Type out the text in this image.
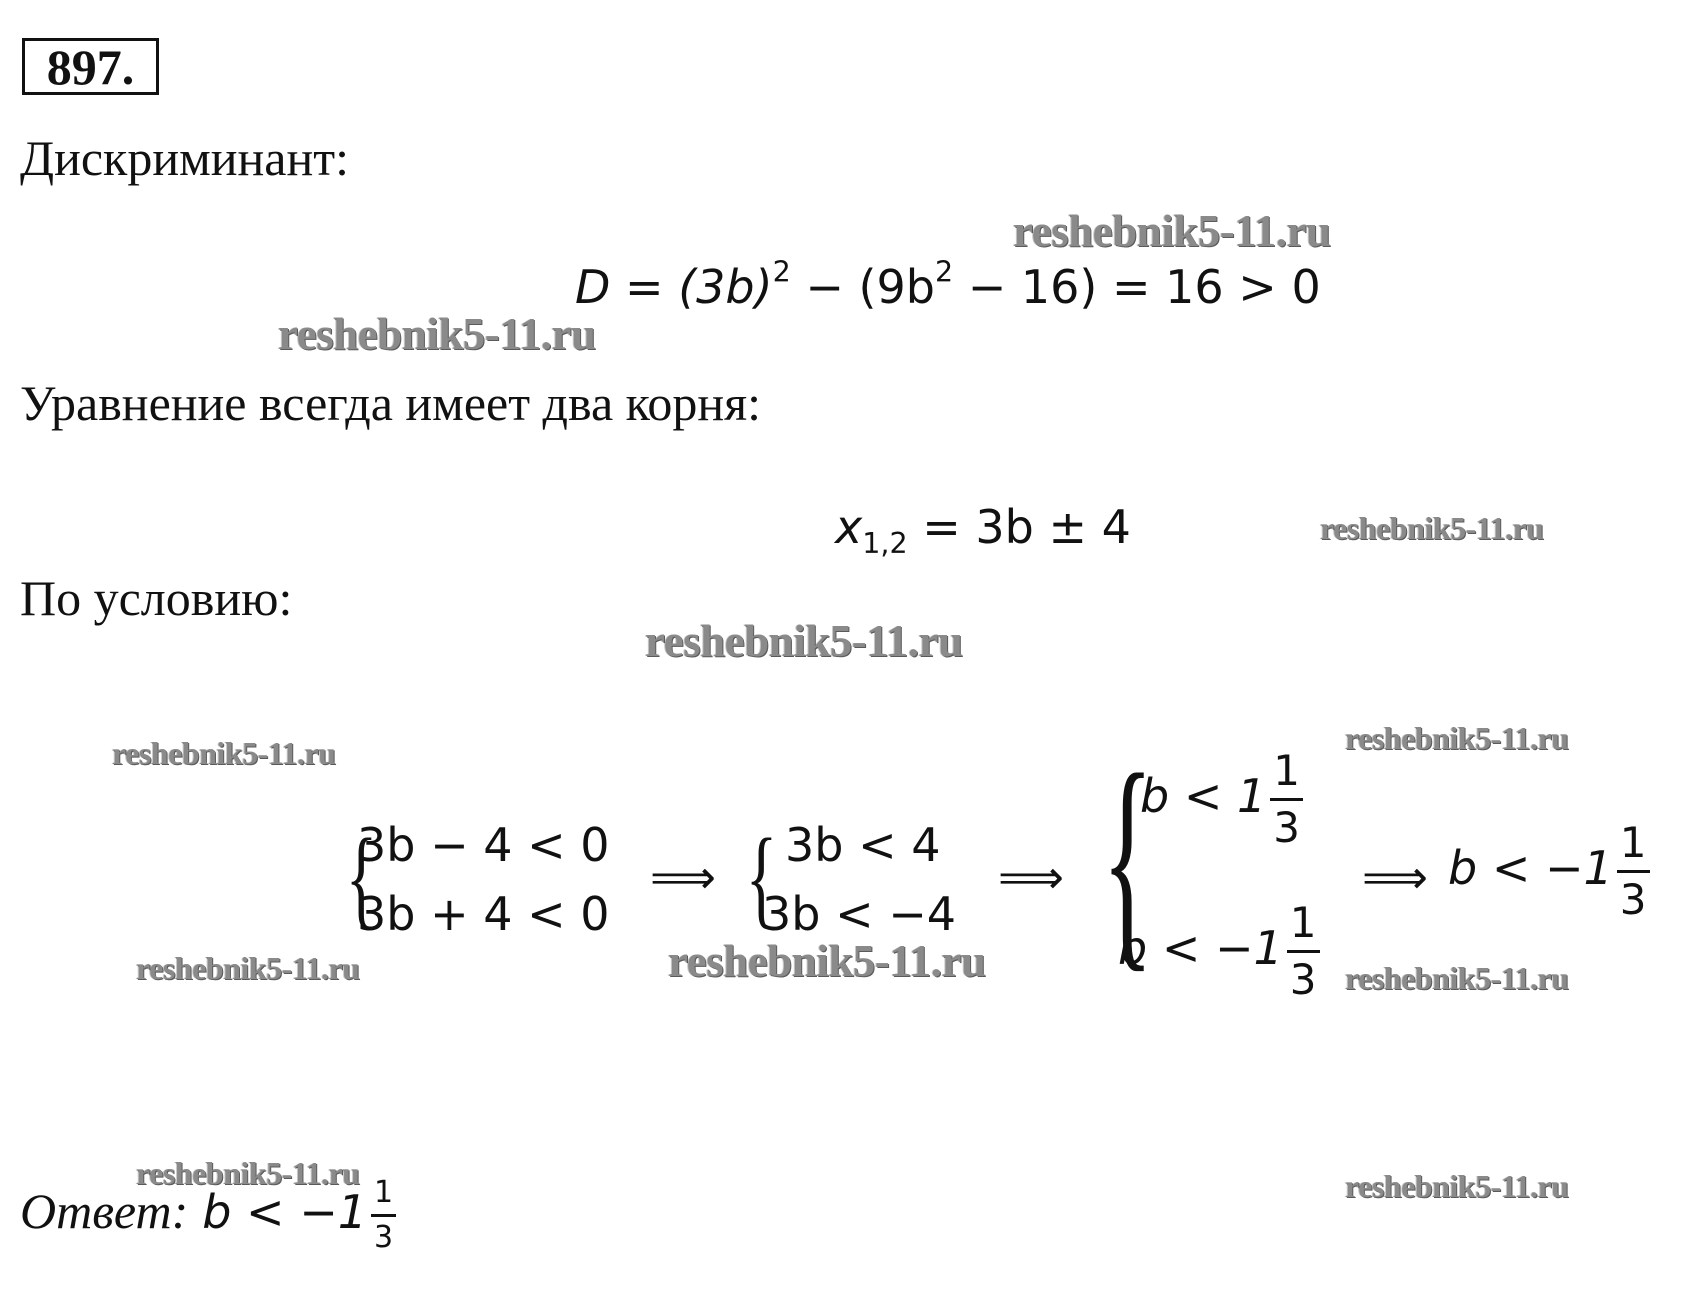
897.
Дискриминант:
Уравнение всегда имеет два корня:
По условию:
$D = (3b)^2 - (9b^2 - 16) = 16 > 0$
$x_{1,2} = 3b \pm 4$
{
3b − 4 < 0
3b + 4 < 0
⟹ { 3b < 4
3b < −4
⟹ {
$b < 1 \frac{1}{3}$
$b < -1 \frac{1}{3}$
⟹ $b < -1 \frac{1}{3}$
Ответ: $b < -1 \frac{1}{3}$
reshebnik5-11.ru
reshebnik5-11.ru
reshebnik5-11.ru
reshebnik5-11.ru
reshebnik5-11.ru	reshebnik5-11.ru
reshebnik5-11.ru	reshebnik5-11.ru	reshebnik5-11.ru
reshebnik5-11.ru	reshebnik5-11.ru
